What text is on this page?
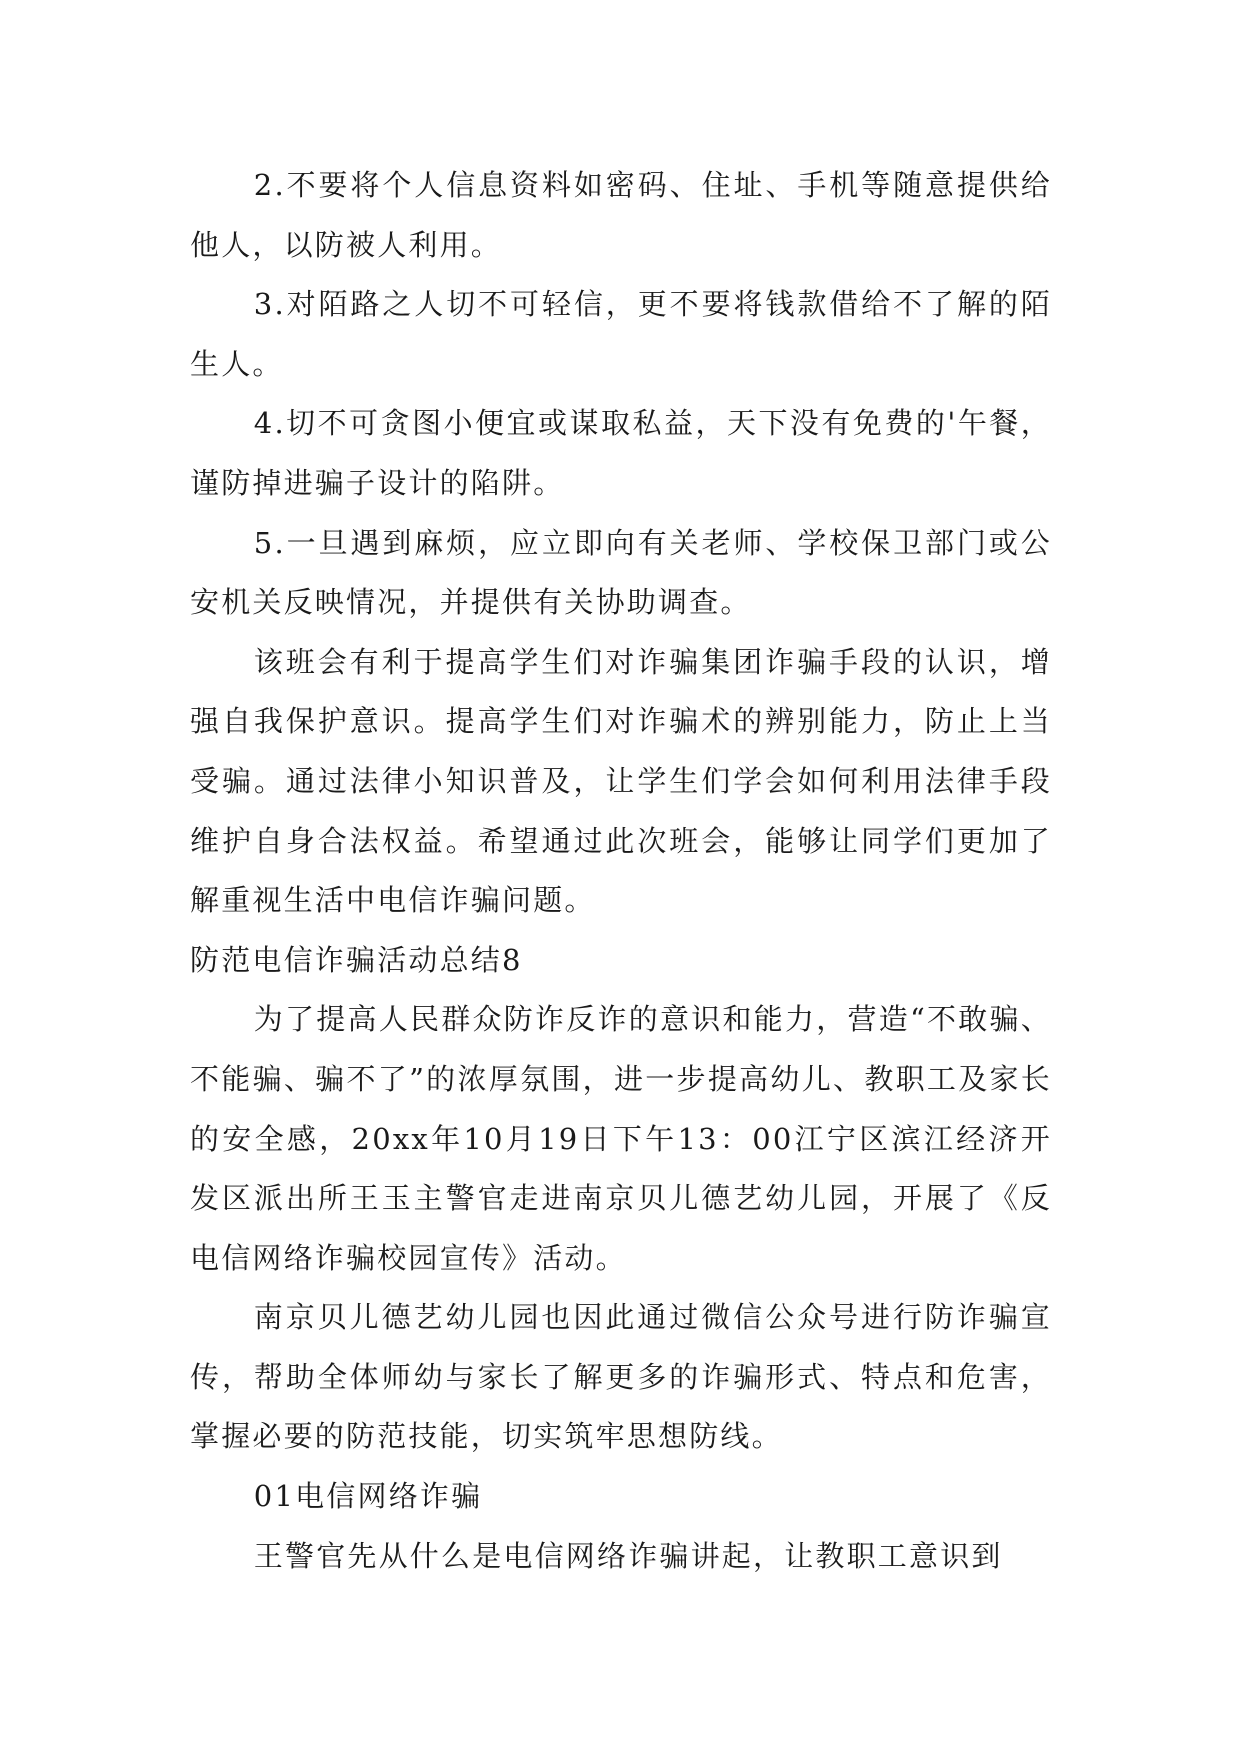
2.不要将个人信息资料如密码、住址、手机等随意提供给他人，以防被人利用。

3.对陌路之人切不可轻信，更不要将钱款借给不了解的陌生人。

4.切不可贪图小便宜或谋取私益，天下没有免费的'午餐，谨防掉进骗子设计的陷阱。

5.一旦遇到麻烦，应立即向有关老师、学校保卫部门或公安机关反映情况，并提供有关协助调查。

该班会有利于提高学生们对诈骗集团诈骗手段的认识，增强自我保护意识。提高学生们对诈骗术的辨别能力，防止上当受骗。通过法律小知识普及，让学生们学会如何利用法律手段维护自身合法权益。希望通过此次班会，能够让同学们更加了解重视生活中电信诈骗问题。

防范电信诈骗活动总结8

为了提高人民群众防诈反诈的意识和能力，营造“不敢骗、不能骗、骗不了”的浓厚氛围，进一步提高幼儿、教职工及家长的安全感，20xx年10月19日下午13：00江宁区滨江经济开发区派出所王玉主警官走进南京贝儿德艺幼儿园，开展了《反电信网络诈骗校园宣传》活动。

南京贝儿德艺幼儿园也因此通过微信公众号进行防诈骗宣传，帮助全体师幼与家长了解更多的诈骗形式、特点和危害，掌握必要的防范技能，切实筑牢思想防线。

01电信网络诈骗

王警官先从什么是电信网络诈骗讲起，让教职工意识到
